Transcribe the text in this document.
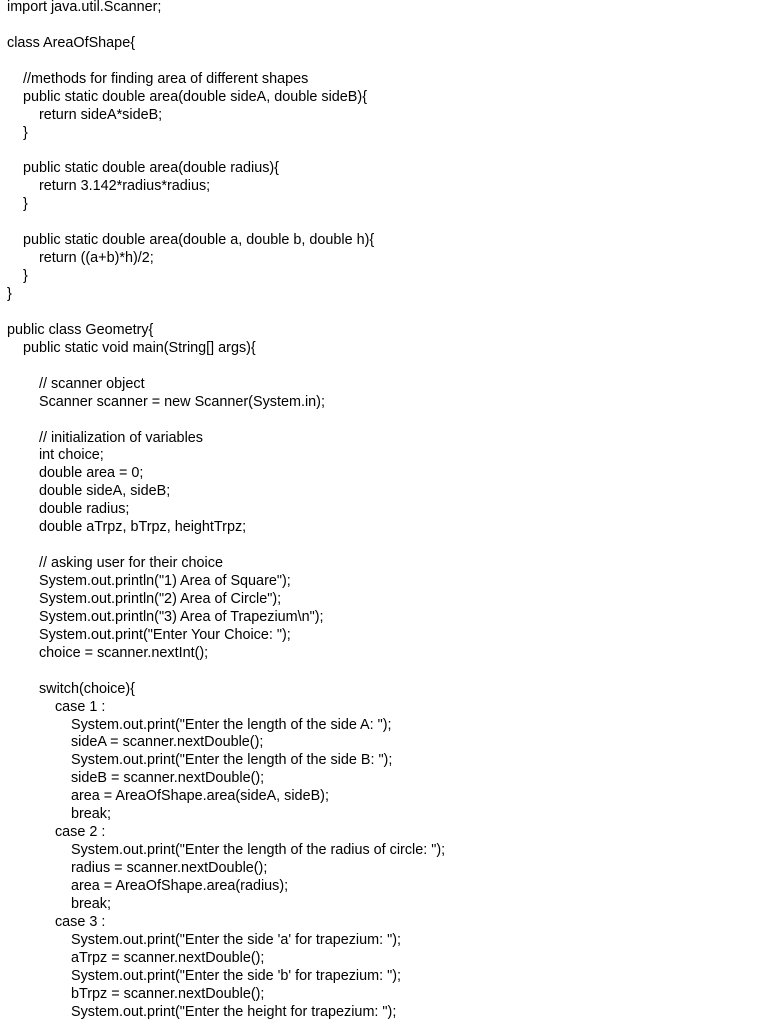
import java.util.Scanner;
class AreaOfShape{
//methods for finding area of different shapes
public static double area(double sideA, double sideB){
return sideA*sideB;
}
public static double area(double radius){
return 3.142*radius*radius;
}
public static double area(double a, double b, double h){
return ((a+b)*h)/2;
}
}
public class Geometry{
public static void main(String[] args){
// scanner object
Scanner scanner = new Scanner(System.in);
// initialization of variables
int choice;
double area = 0;
double sideA, sideB;
double radius;
double aTrpz, bTrpz, heightTrpz;
// asking user for their choice
System.out.println("1) Area of Square");
System.out.println("2) Area of Circle");
System.out.println("3) Area of Trapezium\n");
System.out.print("Enter Your Choice: ");
choice = scanner.nextInt();
switch(choice){
case 1 :
System.out.print("Enter the length of the side A: ");
sideA = scanner.nextDouble();
System.out.print("Enter the length of the side B: ");
sideB = scanner.nextDouble();
area = AreaOfShape.area(sideA, sideB);
break;
case 2 :
System.out.print("Enter the length of the radius of circle: ");
radius = scanner.nextDouble();
area = AreaOfShape.area(radius);
break;
case 3 :
System.out.print("Enter the side 'a' for trapezium: ");
aTrpz = scanner.nextDouble();
System.out.print("Enter the side 'b' for trapezium: ");
bTrpz = scanner.nextDouble();
System.out.print("Enter the height for trapezium: ");
